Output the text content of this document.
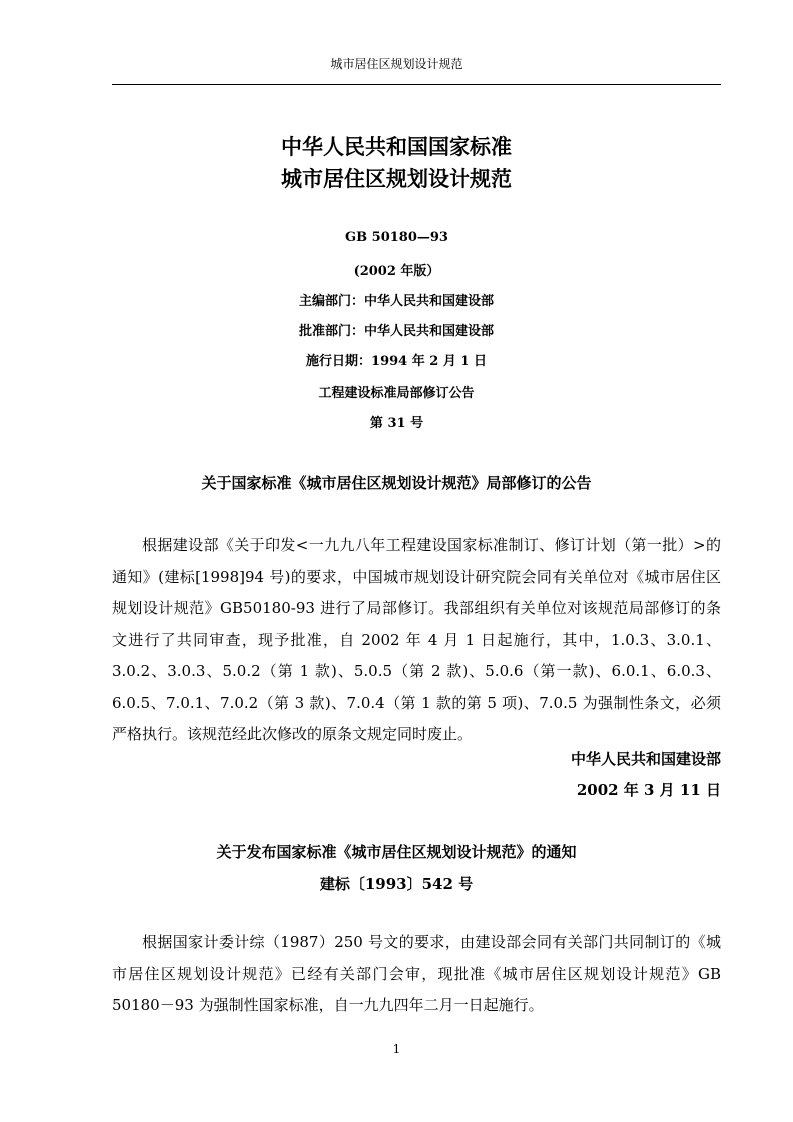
城市居住区规划设计规范
中华人民共和国国家标准
城市居住区规划设计规范
GB 50180—93
(2002 年版）
主编部门：中华人民共和国建设部
批准部门：中华人民共和国建设部
施行日期：1994 年 2 月 1 日
工程建设标准局部修订公告
第 31 号
关于国家标准《城市居住区规划设计规范》局部修订的公告
根据建设部《关于印发<一九九八年工程建设国家标准制订、修订计划（第一批）>的通知》(建标[1998]94 号)的要求，中国城市规划设计研究院会同有关单位对《城市居住区规划设计规范》GB50180-93 进行了局部修订。我部组织有关单位对该规范局部修订的条文进行了共同审查，现予批准，自 2002 年 4 月 1 日起施行，其中，1.0.3、3.0.1、3.0.2、3.0.3、5.0.2（第 1 款)、5.0.5（第 2 款)、5.0.6（第一款)、6.0.1、6.0.3、6.0.5、7.0.1、7.0.2（第 3 款)、7.0.4（第 1 款的第 5 项)、7.0.5 为强制性条文，必须严格执行。该规范经此次修改的原条文规定同时废止。
中华人民共和国建设部
2002 年 3 月 11 日
关于发布国家标准《城市居住区规划设计规范》的通知
建标〔1993〕542 号
根据国家计委计综（1987）250 号文的要求，由建设部会同有关部门共同制订的《城市居住区规划设计规范》已经有关部门会审，现批准《城市居住区规划设计规范》GB 50180－93 为强制性国家标准，自一九九四年二月一日起施行。
1
